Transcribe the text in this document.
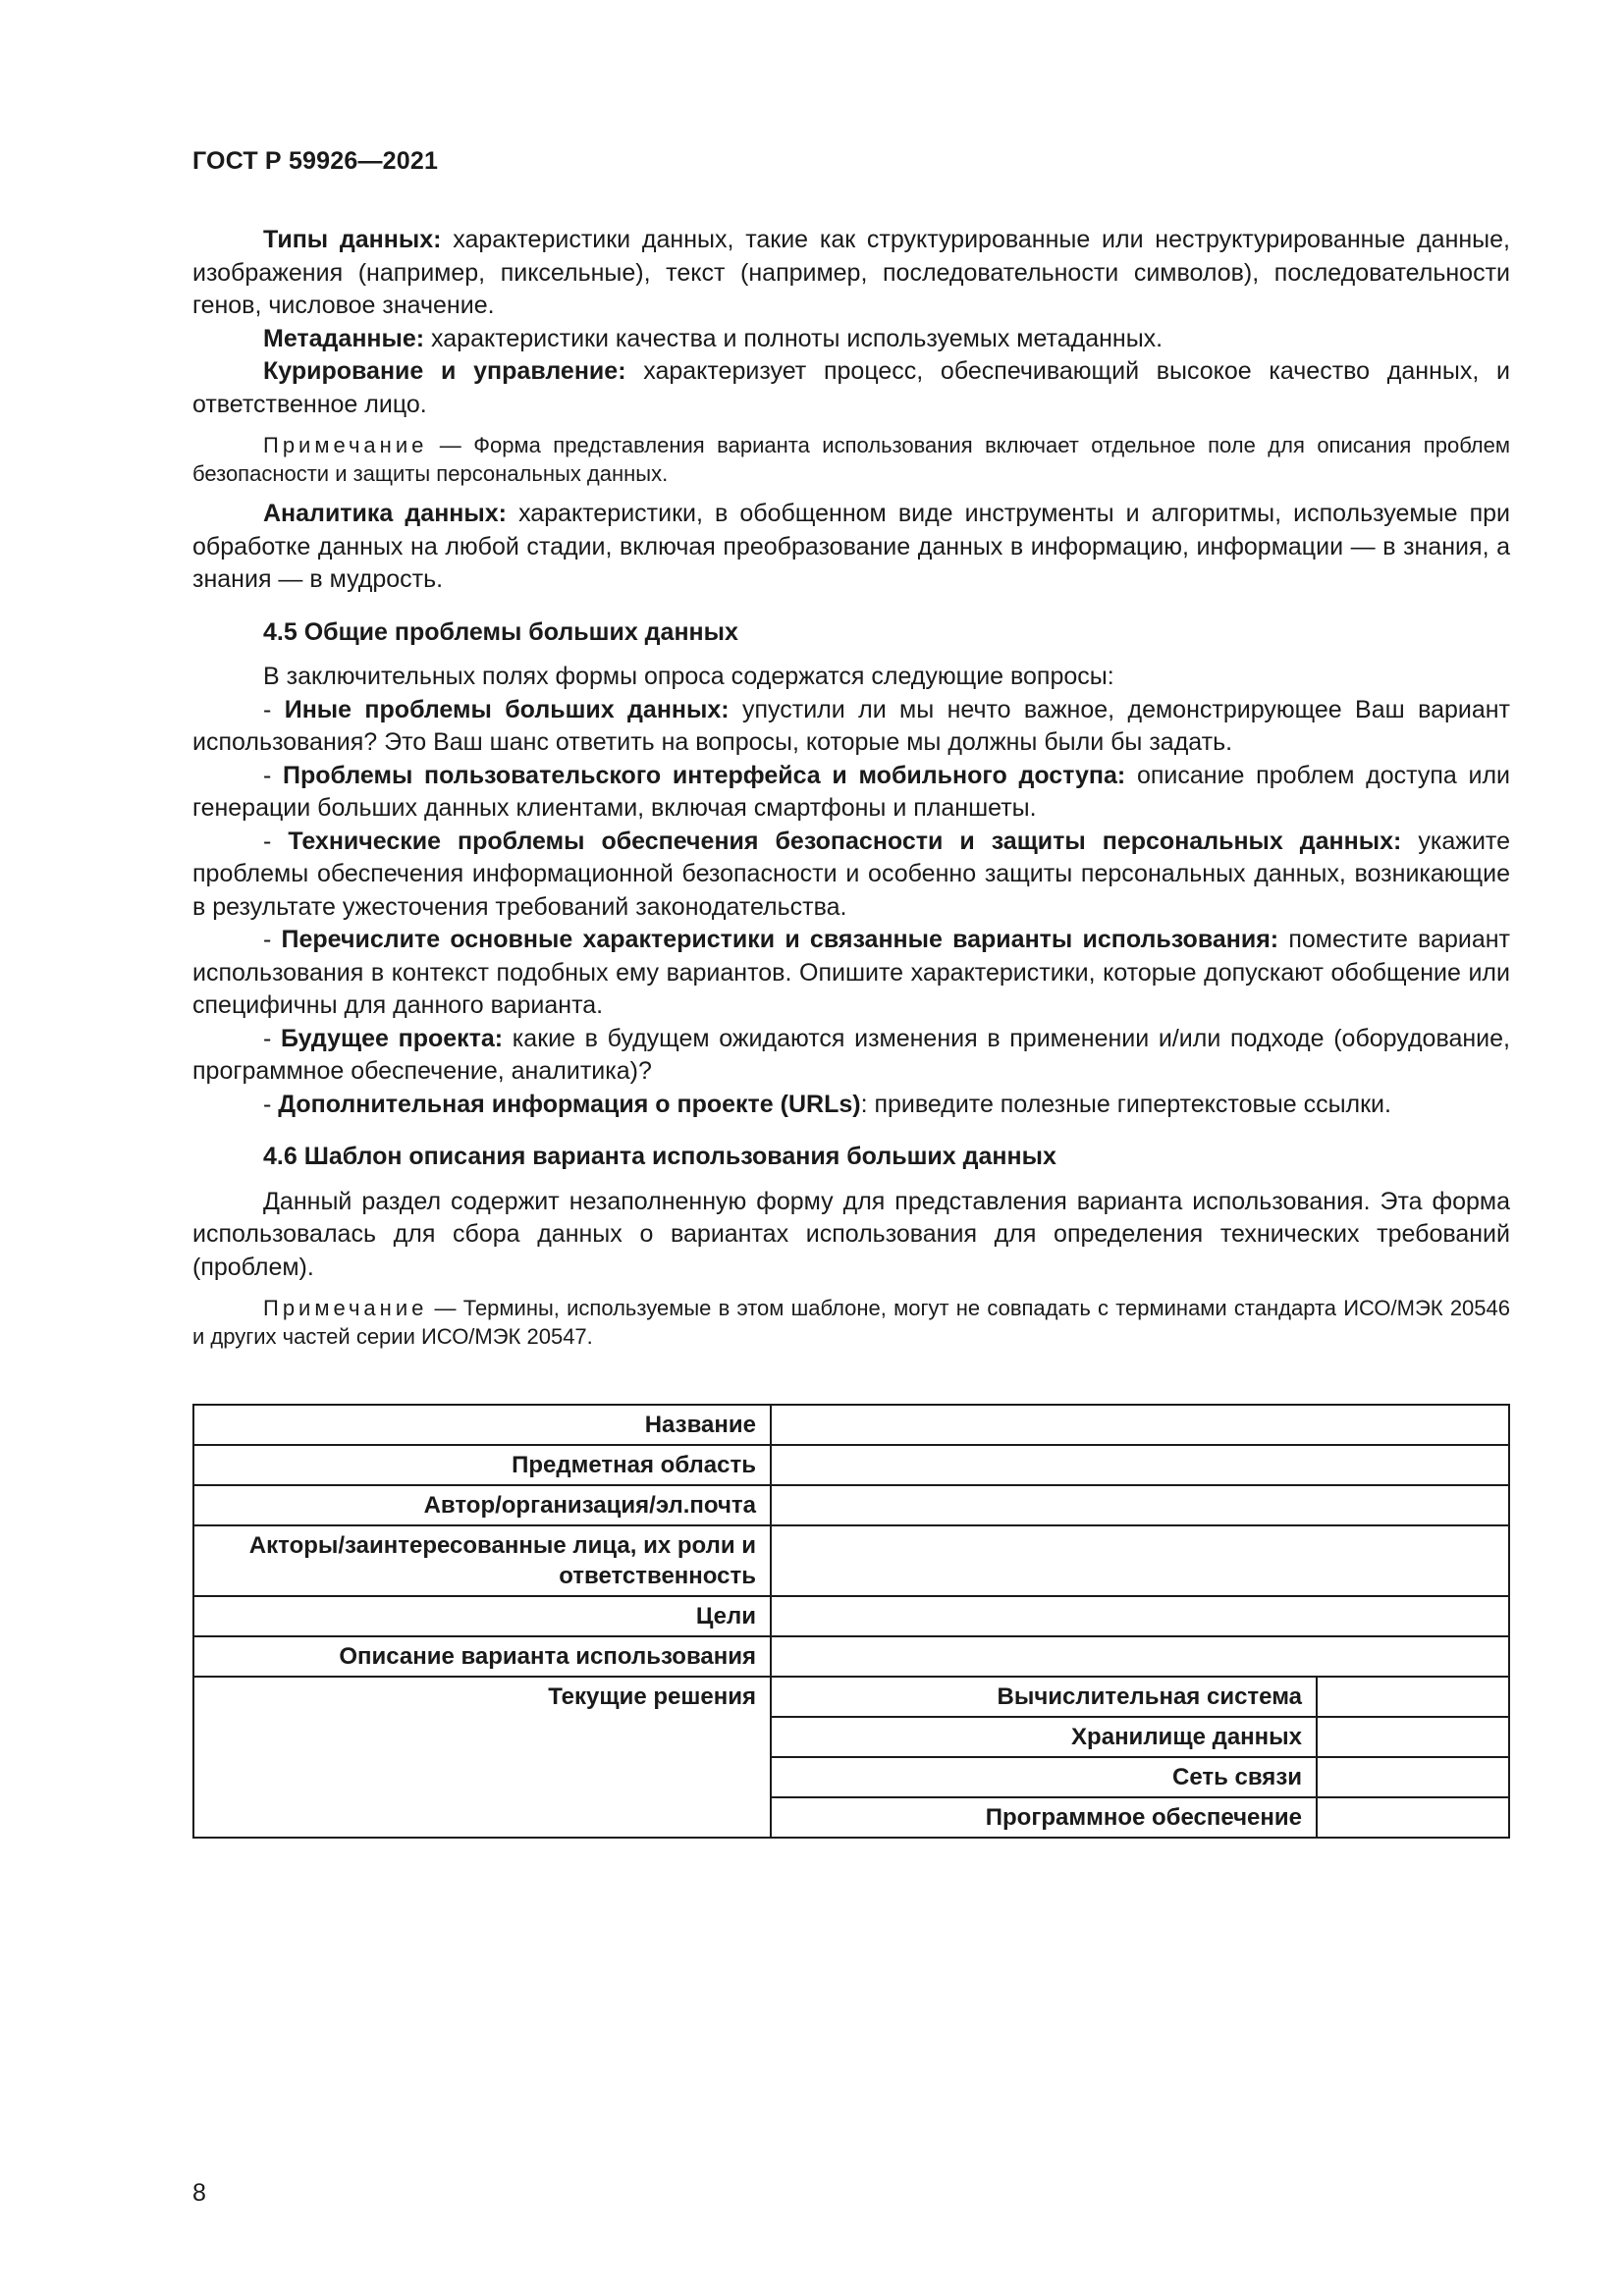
ГОСТ Р 59926—2021

Типы данных: характеристики данных, такие как структурированные или неструктурированные данные, изображения (например, пиксельные), текст (например, последовательности символов), последовательности генов, числовое значение.

Метаданные: характеристики качества и полноты используемых метаданных.

Курирование и управление: характеризует процесс, обеспечивающий высокое качество данных, и ответственное лицо.

Примечание — Форма представления варианта использования включает отдельное поле для описания проблем безопасности и защиты персональных данных.

Аналитика данных: характеристики, в обобщенном виде инструменты и алгоритмы, используемые при обработке данных на любой стадии, включая преобразование данных в информацию, информации — в знания, а знания — в мудрость.

4.5 Общие проблемы больших данных

В заключительных полях формы опроса содержатся следующие вопросы:

- Иные проблемы больших данных: упустили ли мы нечто важное, демонстрирующее Ваш вариант использования? Это Ваш шанс ответить на вопросы, которые мы должны были бы задать.

- Проблемы пользовательского интерфейса и мобильного доступа: описание проблем доступа или генерации больших данных клиентами, включая смартфоны и планшеты.

- Технические проблемы обеспечения безопасности и защиты персональных данных: укажите проблемы обеспечения информационной безопасности и особенно защиты персональных данных, возникающие в результате ужесточения требований законодательства.

- Перечислите основные характеристики и связанные варианты использования: поместите вариант использования в контекст подобных ему вариантов. Опишите характеристики, которые допускают обобщение или специфичны для данного варианта.

- Будущее проекта: какие в будущем ожидаются изменения в применении и/или подходе (оборудование, программное обеспечение, аналитика)?

- Дополнительная информация о проекте (URLs): приведите полезные гипертекстовые ссылки.

4.6 Шаблон описания варианта использования больших данных

Данный раздел содержит незаполненную форму для представления варианта использования. Эта форма использовалась для сбора данных о вариантах использования для определения технических требований (проблем).

Примечание — Термины, используемые в этом шаблоне, могут не совпадать с терминами стандарта ИСО/МЭК 20546 и других частей серии ИСО/МЭК 20547.

Название		
Предметная область		
Автор/организация/эл.почта		
Акторы/заинтересованные лица, их роли и ответственность		
Цели		
Описание варианта использования		
Текущие решения	Вычислительная система	
	Хранилище данных	
	Сеть связи	
	Программное обеспечение	
8
